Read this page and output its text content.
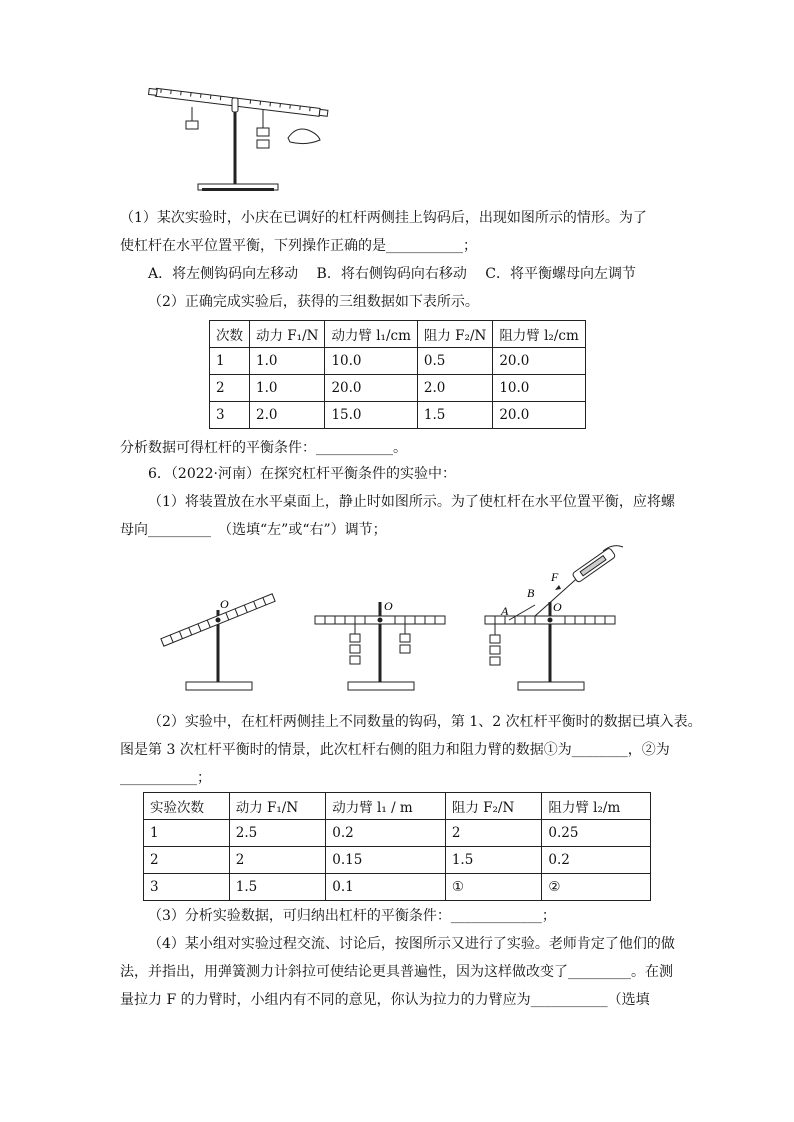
（1）某次实验时，小庆在已调好的杠杆两侧挂上钩码后，出现如图所示的情形。为了
使杠杆在水平位置平衡，下列操作正确的是___________；
A．将左侧钩码向左移动　 B．将右侧钩码向右移动　 C．将平衡螺母向左调节
（2）正确完成实验后，获得的三组数据如下表所示。
次数	动力 F₁/N	动力臂 l₁/cm	阻力 F₂/N	阻力臂 l₂/cm
1	1.0	10.0	0.5	20.0
2	1.0	20.0	2.0	10.0
3	2.0	15.0	1.5	20.0
分析数据可得杠杆的平衡条件：___________。
6．（2022·河南）在探究杠杆平衡条件的实验中：
（1）将装置放在水平桌面上，静止时如图所示。为了使杠杆在水平位置平衡，应将螺
母向_________　（选填“左”或“右”）调节；
O	O	O
A
B
F
（2）实验中，在杠杆两侧挂上不同数量的钩码，第 1、2 次杠杆平衡时的数据已填入表。
图是第 3 次杠杆平衡时的情景，此次杠杆右侧的阻力和阻力臂的数据①为________，②为
___________；
实验次数	动力 F₁/N	动力臂 l₁ / m	阻力 F₂/N	阻力臂 l₂/m
1	2.5	0.2	2	0.25
2	2	0.15	1.5	0.2
3	1.5	0.1	①	②
（3）分析实验数据，可归纳出杠杆的平衡条件：_____________；
（4）某小组对实验过程交流、讨论后，按图所示又进行了实验。老师肯定了他们的做
法，并指出，用弹簧测力计斜拉可使结论更具普遍性，因为这样做改变了_________。在测
量拉力 F 的力臂时，小组内有不同的意见，你认为拉力的力臂应为___________（选填
